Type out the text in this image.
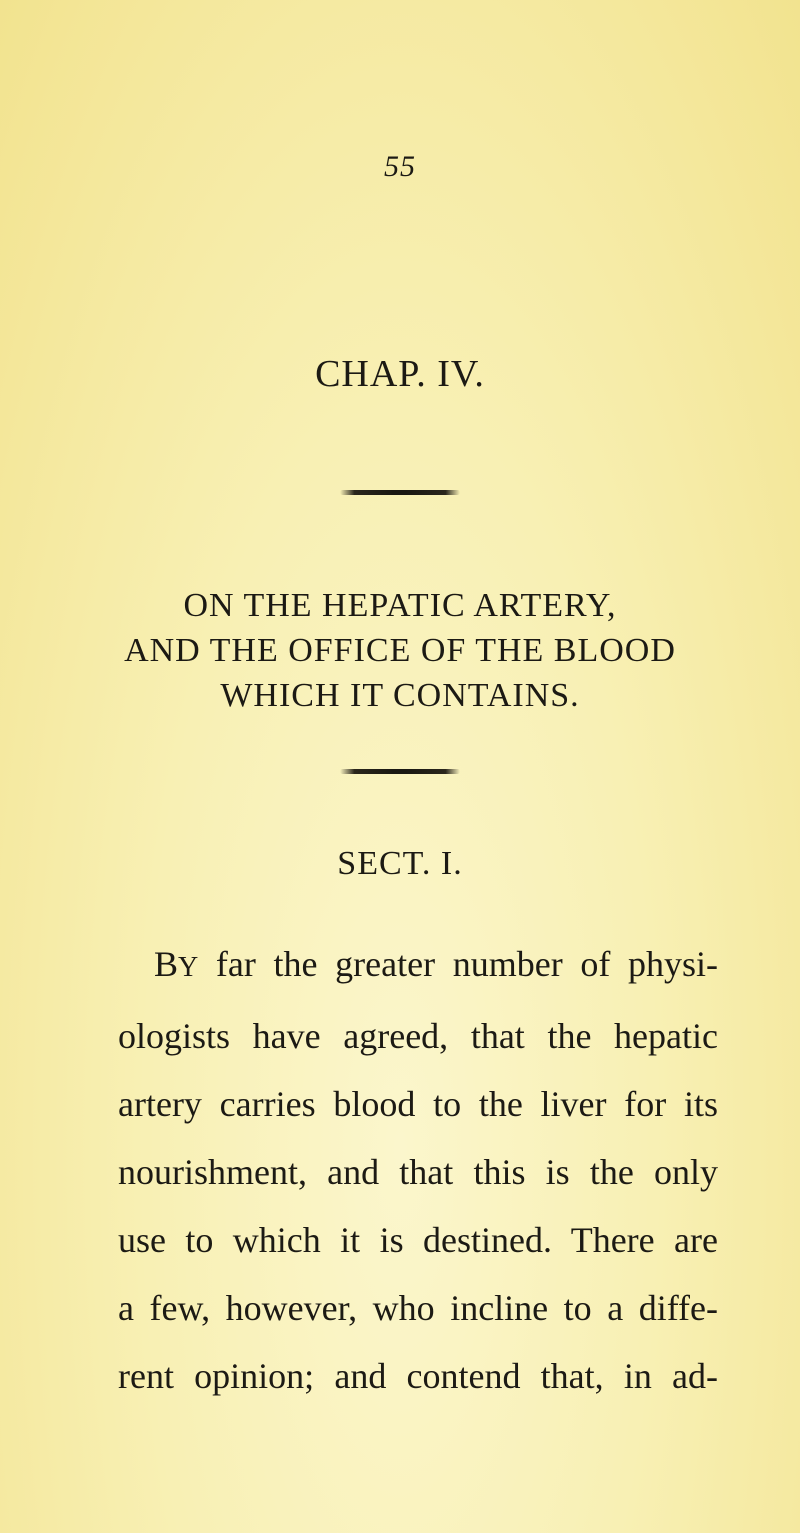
55
CHAP. IV.
ON THE HEPATIC ARTERY,
AND THE OFFICE OF THE BLOOD
WHICH IT CONTAINS.
SECT. I.
BY far the greater number of physi-
ologists have agreed, that the hepatic
artery carries blood to the liver for its
nourishment, and that this is the only
use to which it is destined. There are
a few, however, who incline to a diffe-
rent opinion; and contend that, in ad-
